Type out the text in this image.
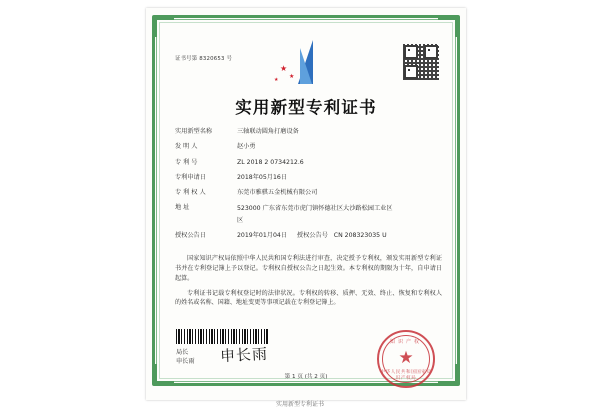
证书号第 8320653 号
★
★
★
实用新型专利证书
实用新型名称	三轴联动圆角打磨设备
发 明 人	赵小勇
专 利 号	ZL 2018 2 0734212.6
专利申请日	2018年05月16日
专 利 权 人	东莞市雅骐五金机械有限公司
地 址	523000 广东省东莞市虎门镇怀德社区大沙路松园工业区
区
授权公告日	2019年01月04日 授权公告号 CN 208323035 U

国家知识产权局依照中华人民共和国专利法进行审查，决定授予专利权，颁发实用新型专利证书并在专利登记簿上予以登记。专利权自授权公告之日起生效。本专利权的期限为十年，自申请日起算。

专利证书记载专利权登记时的法律状况。专利权的转移、质押、无效、终止、恢复和专利权人的姓名或名称、国籍、地址变更等事项记载在专利登记簿上。

局长
申长雨 申长雨
知识产权
★
中华人民共和国国家知识产权局
第 1 页 (共 2 页)
实用新型专利证书
